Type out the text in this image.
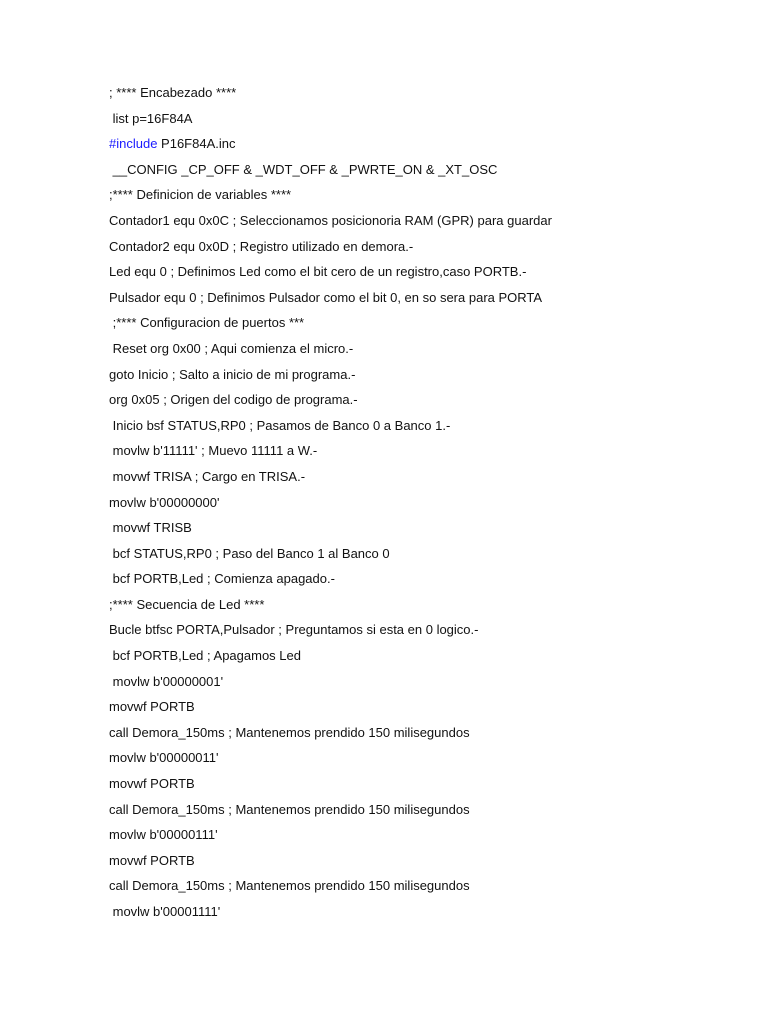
; **** Encabezado ****
list p=16F84A
#include P16F84A.inc
__CONFIG _CP_OFF & _WDT_OFF & _PWRTE_ON & _XT_OSC
;**** Definicion de variables ****
Contador1 equ 0x0C ; Seleccionamos posicionoria RAM (GPR) para guardar
Contador2 equ 0x0D ; Registro utilizado en demora.-
Led equ 0 ; Definimos Led como el bit cero de un registro,caso PORTB.-
Pulsador equ 0 ; Definimos Pulsador como el bit 0, en so sera para PORTA
;**** Configuracion de puertos ***
Reset org 0x00 ; Aqui comienza el micro.-
goto Inicio ; Salto a inicio de mi programa.-
org 0x05 ; Origen del codigo de programa.-
Inicio bsf STATUS,RP0 ; Pasamos de Banco 0 a Banco 1.-
movlw b'11111' ; Muevo 11111 a W.-
movwf TRISA ; Cargo en TRISA.-
movlw b'00000000'
movwf TRISB
bcf STATUS,RP0 ; Paso del Banco 1 al Banco 0
bcf PORTB,Led ; Comienza apagado.-
;**** Secuencia de Led ****
Bucle btfsc PORTA,Pulsador ; Preguntamos si esta en 0 logico.-
bcf PORTB,Led ; Apagamos Led
movlw b'00000001'
movwf PORTB
call Demora_150ms ; Mantenemos prendido 150 milisegundos
movlw b'00000011'
movwf PORTB
call Demora_150ms ; Mantenemos prendido 150 milisegundos
movlw b'00000111'
movwf PORTB
call Demora_150ms ; Mantenemos prendido 150 milisegundos
movlw b'00001111'
